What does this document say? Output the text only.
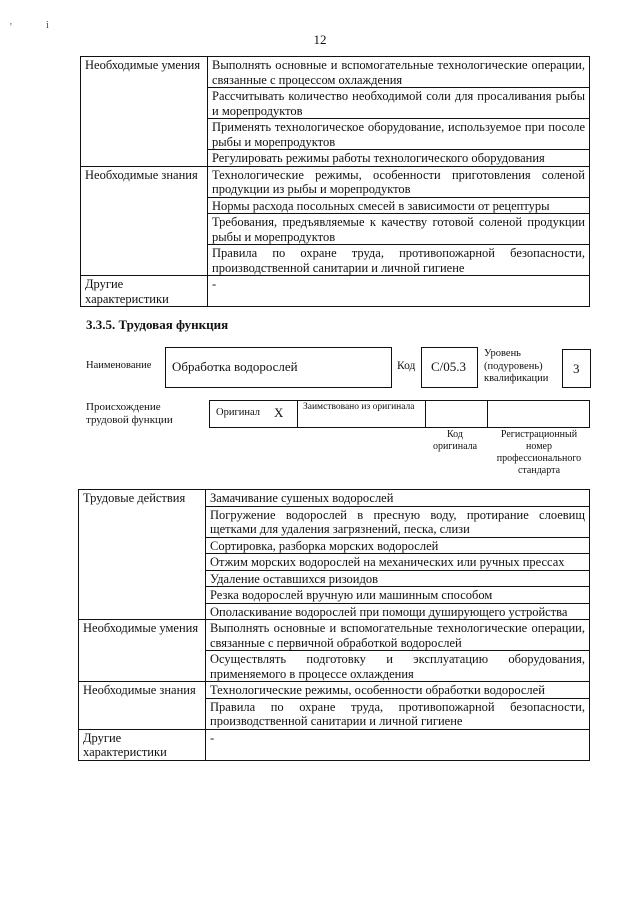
'	i
12
Необходимые умения	Выполнять основные и вспомогательные технологические операции, связанные с процессом охлаждения
	Рассчитывать количество необходимой соли для просаливания рыбы и морепродуктов
	Применять технологическое оборудование, используемое при посоле рыбы и морепродуктов
	Регулировать режимы работы технологического оборудования
Необходимые знания	Технологические режимы, особенности приготовления соленой продукции из рыбы и морепродуктов
	Нормы расхода посольных смесей в зависимости от рецептуры
	Требования, предъявляемые к качеству готовой соленой продукции рыбы и морепродуктов
	Правила по охране труда, противопожарной безопасности, производственной санитарии и личной гигиене
Другие характеристики	-
3.3.5. Трудовая функция
Наименование Обработка водорослей	Код С/05.3
Уровень (подуровень) квалификации
3
Происхождение трудовой функции
Оригинал X Заимствовано из оригинала
Код оригинала
Регистрационный номер профессионального стандарта
Трудовые действия	Замачивание сушеных водорослей
	Погружение водорослей в пресную воду, протирание слоевищ щетками для удаления загрязнений, песка, слизи
	Сортировка, разборка морских водорослей
	Отжим морских водорослей на механических или ручных прессах
	Удаление оставшихся ризоидов
	Резка водорослей вручную или машинным способом
	Ополаскивание водорослей при помощи душирующего устройства
Необходимые умения	Выполнять основные и вспомогательные технологические операции, связанные с первичной обработкой водорослей
	Осуществлять подготовку и эксплуатацию оборудования, применяемого в процессе охлаждения
Необходимые знания	Технологические режимы, особенности обработки водорослей
	Правила по охране труда, противопожарной безопасности, производственной санитарии и личной гигиене
Другие характеристики	-
